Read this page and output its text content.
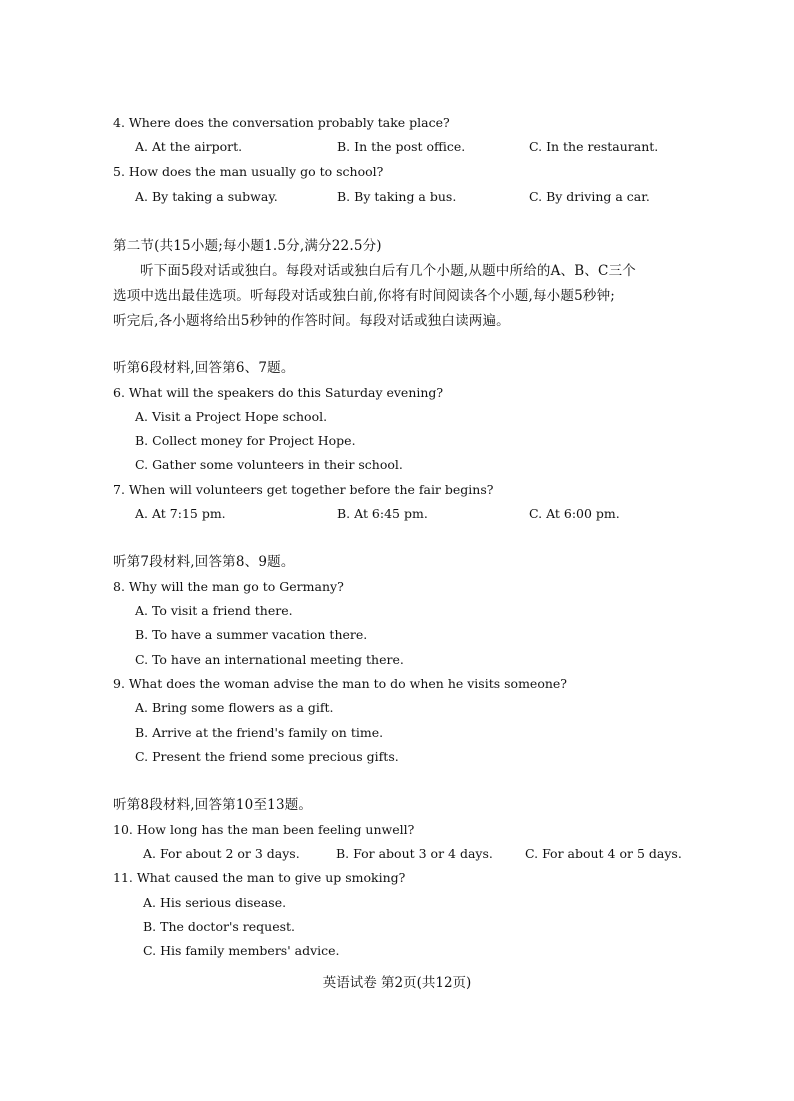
4. Where does the conversation probably take place?
A. At the airport.	B. In the post office.	C. In the restaurant.
5. How does the man usually go to school?
A. By taking a subway.	B. By taking a bus.	C. By driving a car.
第二节(共15小题;每小题1.5分,满分22.5分)
听下面5段对话或独白。每段对话或独白后有几个小题,从题中所给的A、B、C三个
选项中选出最佳选项。听每段对话或独白前,你将有时间阅读各个小题,每小题5秒钟;
听完后,各小题将给出5秒钟的作答时间。每段对话或独白读两遍。
听第6段材料,回答第6、7题。
6. What will the speakers do this Saturday evening?
A. Visit a Project Hope school.
B. Collect money for Project Hope.
C. Gather some volunteers in their school.
7. When will volunteers get together before the fair begins?
A. At 7:15 pm.	B. At 6:45 pm.	C. At 6:00 pm.
听第7段材料,回答第8、9题。
8. Why will the man go to Germany?
A. To visit a friend there.
B. To have a summer vacation there.
C. To have an international meeting there.
9. What does the woman advise the man to do when he visits someone?
A. Bring some flowers as a gift.
B. Arrive at the friend's family on time.
C. Present the friend some precious gifts.
听第8段材料,回答第10至13题。
10. How long has the man been feeling unwell?
A. For about 2 or 3 days.	B. For about 3 or 4 days.	C. For about 4 or 5 days.
11. What caused the man to give up smoking?
A. His serious disease.
B. The doctor's request.
C. His family members' advice.
英语试卷 第2页(共12页)
